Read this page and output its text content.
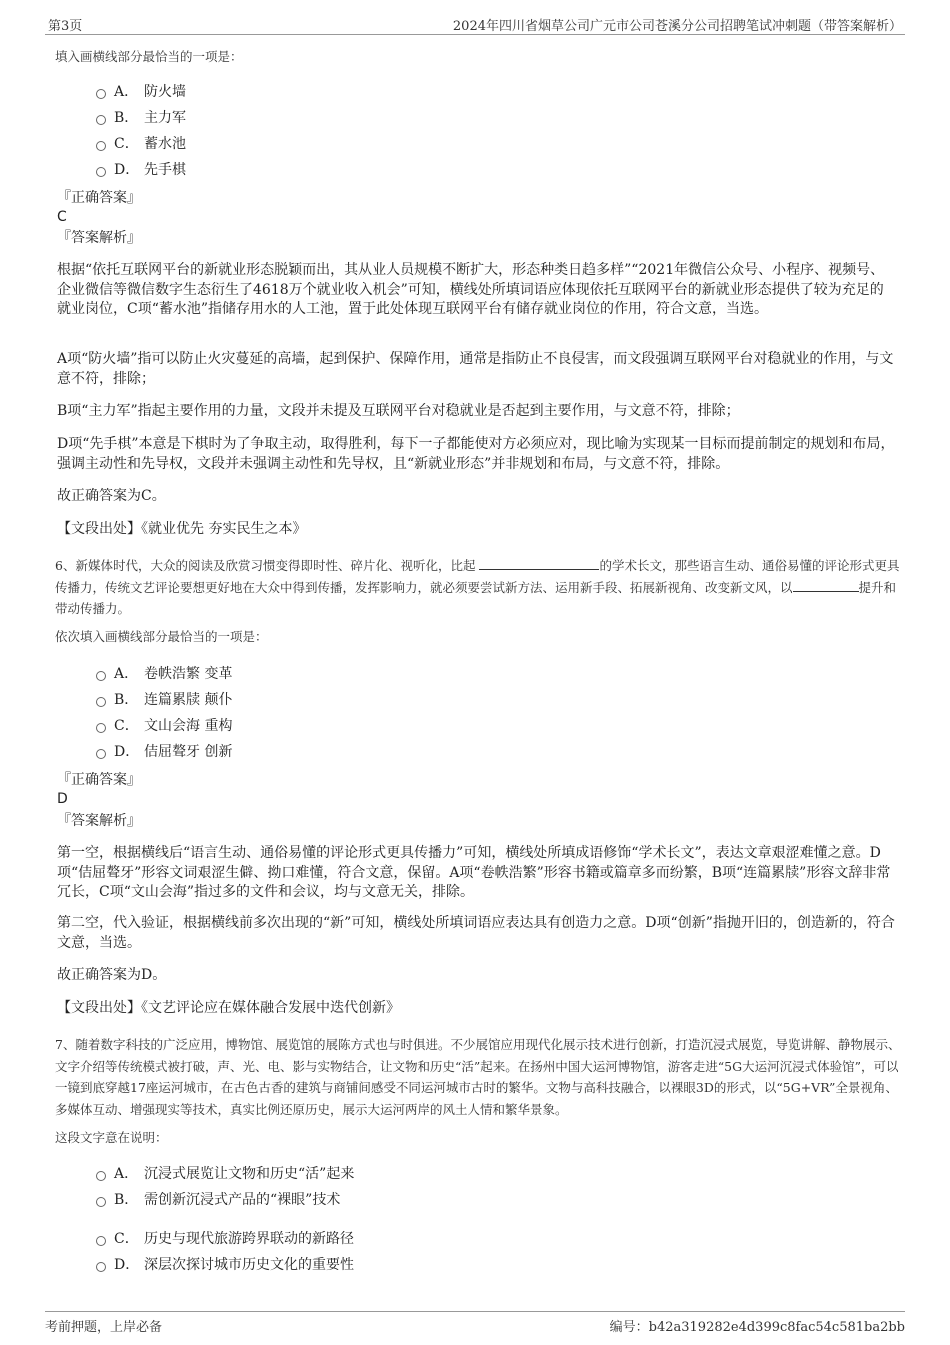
第3页	2024年四川省烟草公司广元市公司苍溪分公司招聘笔试冲刺题（带答案解析）
填入画横线部分最恰当的一项是：
A． 防火墙
B． 主力军
C． 蓄水池
D． 先手棋
『正确答案』
C
『答案解析』
根据“依托互联网平台的新就业形态脱颖而出，其从业人员规模不断扩大，形态种类日趋多样”“2021年微信公众号、小程序、视频号、企业微信等微信数字生态衍生了4618万个就业收入机会”可知，横线处所填词语应体现依托互联网平台的新就业形态提供了较为充足的就业岗位，C项“蓄水池”指储存用水的人工池，置于此处体现互联网平台有储存就业岗位的作用，符合文意，当选。
A项“防火墙”指可以防止火灾蔓延的高墙，起到保护、保障作用，通常是指防止不良侵害，而文段强调互联网平台对稳就业的作用，与文意不符，排除；
B项“主力军”指起主要作用的力量，文段并未提及互联网平台对稳就业是否起到主要作用，与文意不符，排除；
D项“先手棋”本意是下棋时为了争取主动，取得胜利，每下一子都能使对方必须应对，现比喻为实现某一目标而提前制定的规划和布局，强调主动性和先导权，文段并未强调主动性和先导权，且“新就业形态”并非规划和布局，与文意不符，排除。
故正确答案为C。
【文段出处】《就业优先 夯实民生之本》
6、新媒体时代，大众的阅读及欣赏习惯变得即时性、碎片化、视听化，比起	的学术长文，那些语言生动、通俗易懂的评论形式更具传播力，传统文艺评论要想更好地在大众中得到传播，发挥影响力，就必须要尝试新方法、运用新手段、拓展新视角、改变新文风，以	提升和带动传播力。
依次填入画横线部分最恰当的一项是：
A． 卷帙浩繁 变革
B． 连篇累牍 颠仆
C． 文山会海 重构
D． 佶屈聱牙 创新
『正确答案』
D
『答案解析』
第一空，根据横线后“语言生动、通俗易懂的评论形式更具传播力”可知，横线处所填成语修饰“学术长文”，表达文章艰涩难懂之意。D项“佶屈聱牙”形容文词艰涩生僻、拗口难懂，符合文意，保留。A项“卷帙浩繁”形容书籍或篇章多而纷繁，B项“连篇累牍”形容文辞非常冗长，C项“文山会海”指过多的文件和会议，均与文意无关，排除。
第二空，代入验证，根据横线前多次出现的“新”可知，横线处所填词语应表达具有创造力之意。D项“创新”指抛开旧的，创造新的，符合文意，当选。
故正确答案为D。
【文段出处】《文艺评论应在媒体融合发展中迭代创新》
7、随着数字科技的广泛应用，博物馆、展览馆的展陈方式也与时俱进。不少展馆应用现代化展示技术进行创新，打造沉浸式展览，导览讲解、静物展示、文字介绍等传统模式被打破，声、光、电、影与实物结合，让文物和历史“活”起来。在扬州中国大运河博物馆，游客走进“5G大运河沉浸式体验馆”，可以一镜到底穿越17座运河城市，在古色古香的建筑与商铺间感受不同运河城市古时的繁华。文物与高科技融合，以裸眼3D的形式，以“5G+VR”全景视角、多媒体互动、增强现实等技术，真实比例还原历史，展示大运河两岸的风土人情和繁华景象。
这段文字意在说明：
A． 沉浸式展览让文物和历史“活”起来
B． 需创新沉浸式产品的“裸眼”技术
C． 历史与现代旅游跨界联动的新路径
D． 深层次探讨城市历史文化的重要性
考前押题，上岸必备	编号：b42a319282e4d399c8fac54c581ba2bb
